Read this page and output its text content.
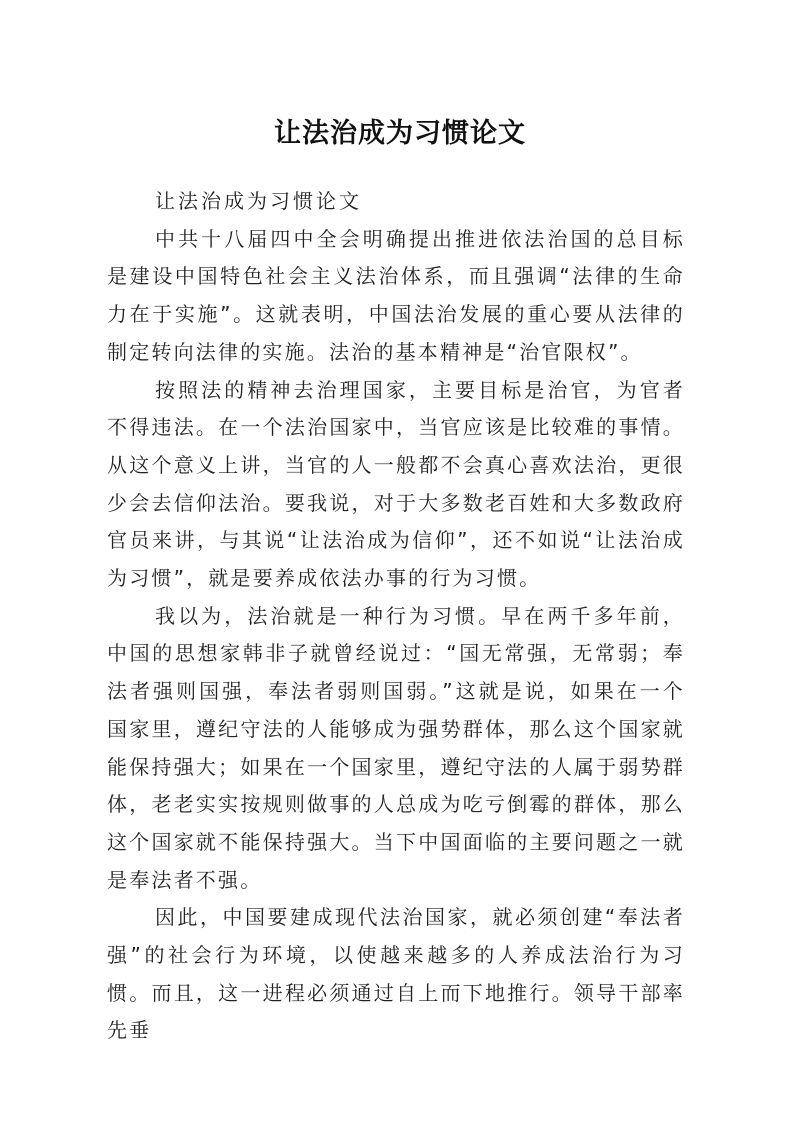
让法治成为习惯论文

让法治成为习惯论文

中共十八届四中全会明确提出推进依法治国的总目标是建设中国特色社会主义法治体系，而且强调“法律的生命力在于实施”。这就表明，中国法治发展的重心要从法律的制定转向法律的实施。法治的基本精神是“治官限权”。

按照法的精神去治理国家，主要目标是治官，为官者不得违法。在一个法治国家中，当官应该是比较难的事情。从这个意义上讲，当官的人一般都不会真心喜欢法治，更很少会去信仰法治。要我说，对于大多数老百姓和大多数政府官员来讲，与其说“让法治成为信仰”，还不如说“让法治成为习惯”，就是要养成依法办事的行为习惯。

我以为，法治就是一种行为习惯。早在两千多年前，中国的思想家韩非子就曾经说过：“国无常强，无常弱；奉法者强则国强，奉法者弱则国弱。”这就是说，如果在一个国家里，遵纪守法的人能够成为强势群体，那么这个国家就能保持强大；如果在一个国家里，遵纪守法的人属于弱势群体，老老实实按规则做事的人总成为吃亏倒霉的群体，那么这个国家就不能保持强大。当下中国面临的主要问题之一就是奉法者不强。

因此，中国要建成现代法治国家，就必须创建“奉法者强”的社会行为环境，以使越来越多的人养成法治行为习惯。而且，这一进程必须通过自上而下地推行。领导干部率先垂
